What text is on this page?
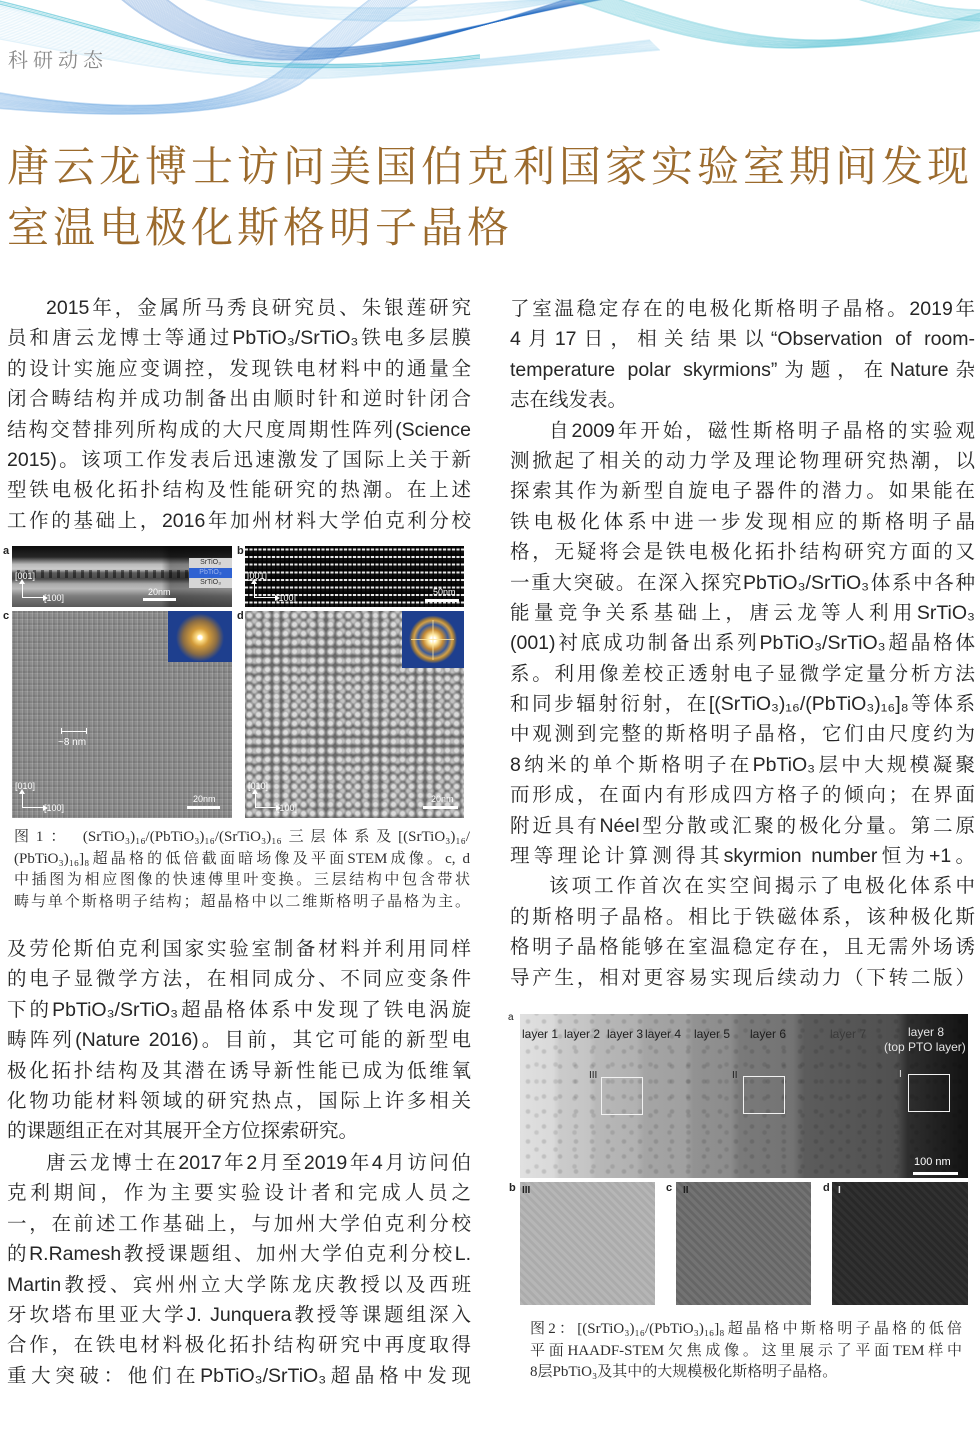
科研动态
唐云龙博士访问美国伯克利国家实验室期间发现
室温电极化斯格明子晶格
2015年，金属所马秀良研究员、朱银莲研究
员和唐云龙博士等通过PbTiO₃/SrTiO₃铁电多层膜
的设计实施应变调控，发现铁电材料中的通量全
闭合畴结构并成功制备出由顺时针和逆时针闭合
结构交替排列所构成的大尺度周期性阵列(Science
2015)。该项工作发表后迅速激发了国际上关于新
型铁电极化拓扑结构及性能研究的热潮。在上述
工作的基础上，2016年加州材料大学伯克利分校
a	b
c	d
[001]
[100]
20nm
SrTiO₃
PbTiO₃
SrTiO₃
[001]
[100]
50nm
~8 nm
[010]
[100]
20nm
[010]
[100]
20nm
图1： (SrTiO₃)₁₆/(PbTiO₃)₁₆/(SrTiO₃)₁₆三层体系及[(SrTiO₃)₁₆/
(PbTiO₃)₁₆]₈超晶格的低倍截面暗场像及平面STEM成像。c, d
中插图为相应图像的快速傅里叶变换。三层结构中包含带状
畴与单个斯格明子结构；超晶格中以二维斯格明子晶格为主。
及劳伦斯伯克利国家实验室制备材料并利用同样
的电子显微学方法，在相同成分、不同应变条件
下的PbTiO₃/SrTiO₃超晶格体系中发现了铁电涡旋
畴阵列(Nature 2016)。目前，其它可能的新型电
极化拓扑结构及其潜在诱导新性能已成为低维氧
化物功能材料领域的研究热点，国际上许多相关
的课题组正在对其展开全方位探索研究。
唐云龙博士在2017年2月至2019年4月访问伯
克利期间，作为主要实验设计者和完成人员之
一，在前述工作基础上，与加州大学伯克利分校
的R.Ramesh教授课题组、加州大学伯克利分校L.
Martin教授、宾州州立大学陈龙庆教授以及西班
牙坎塔布里亚大学J. Junquera教授等课题组深入
合作，在铁电材料极化拓扑结构研究中再度取得
重大突破：他们在PbTiO₃/SrTiO₃超晶格中发现
了室温稳定存在的电极化斯格明子晶格。2019年
4月17日，相关结果以“Observation of room-
temperature polar skyrmions”为题，在Nature杂
志在线发表。
自2009年开始，磁性斯格明子晶格的实验观
测掀起了相关的动力学及理论物理研究热潮，以
探索其作为新型自旋电子器件的潜力。如果能在
铁电极化体系中进一步发现相应的斯格明子晶
格，无疑将会是铁电极化拓扑结构研究方面的又
一重大突破。在深入探究PbTiO₃/SrTiO₃体系中各种
能量竞争关系基础上，唐云龙等人利用SrTiO₃
(001)衬底成功制备出系列PbTiO₃/SrTiO₃超晶格体
系。利用像差校正透射电子显微学定量分析方法
和同步辐射衍射，在[(SrTiO₃)₁₆/(PbTiO₃)₁₆]₈等体系
中观测到完整的斯格明子晶格，它们由尺度约为
8纳米的单个斯格明子在PbTiO₃层中大规模凝聚
而形成，在面内有形成四方格子的倾向；在界面
附近具有Néel型分散或汇聚的极化分量。第二原
理等理论计算测得其skyrmion number恒为+1。
该项工作首次在实空间揭示了电极化体系中
的斯格明子晶格。相比于铁磁体系，该种极化斯
格明子晶格能够在室温稳定存在，且无需外场诱
导产生，相对更容易实现后续动力（下转二版）
a
layer 1 layer 2 layer 3 layer 4 layer 5 layer 6	layer 7	layer 8
(top PTO layer)
III	II	I
100 nm
b III	c II	d I
图2：[(SrTiO₃)₁₆/(PbTiO₃)₁₆]₈超晶格中斯格明子晶格的低倍
平面HAADF-STEM欠焦成像。这里展示了平面TEM样中
8层PbTiO₃及其中的大规模极化斯格明子晶格。
